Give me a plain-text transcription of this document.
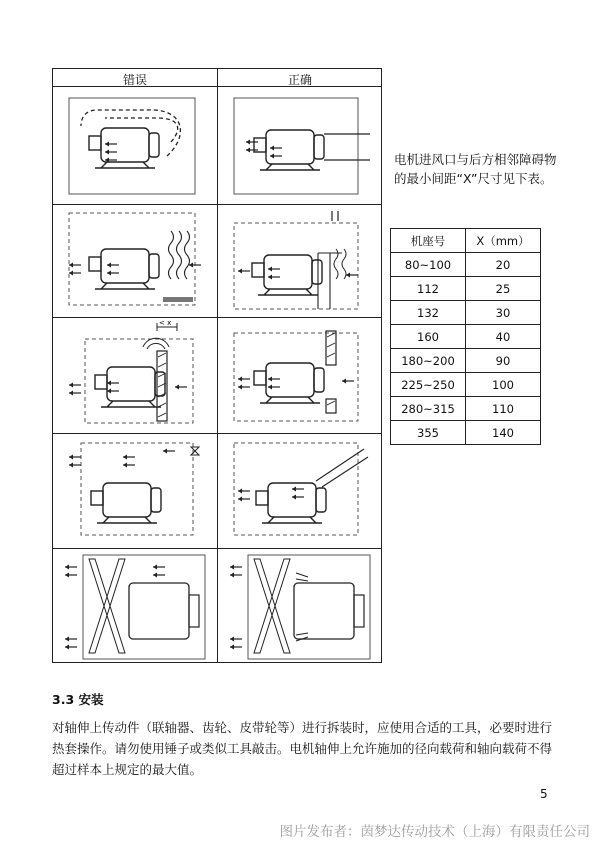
错误	正确
< x
电机进风口与后方相邻障碍物的最小间距“X”尺寸见下表。
机座号	X（mm）
80~100	20
112	25
132	30
160	40
180~200	90
225~250	100
280~315	110
355	140
3.3 安装
对轴伸上传动件（联轴器、齿轮、皮带轮等）进行拆装时，应使用合适的工具，必要时进行热套操作。请勿使用锤子或类似工具敲击。电机轴伸上允许施加的径向载荷和轴向载荷不得超过样本上规定的最大值。
5
图片发布者：茵梦达传动技术（上海）有限责任公司
